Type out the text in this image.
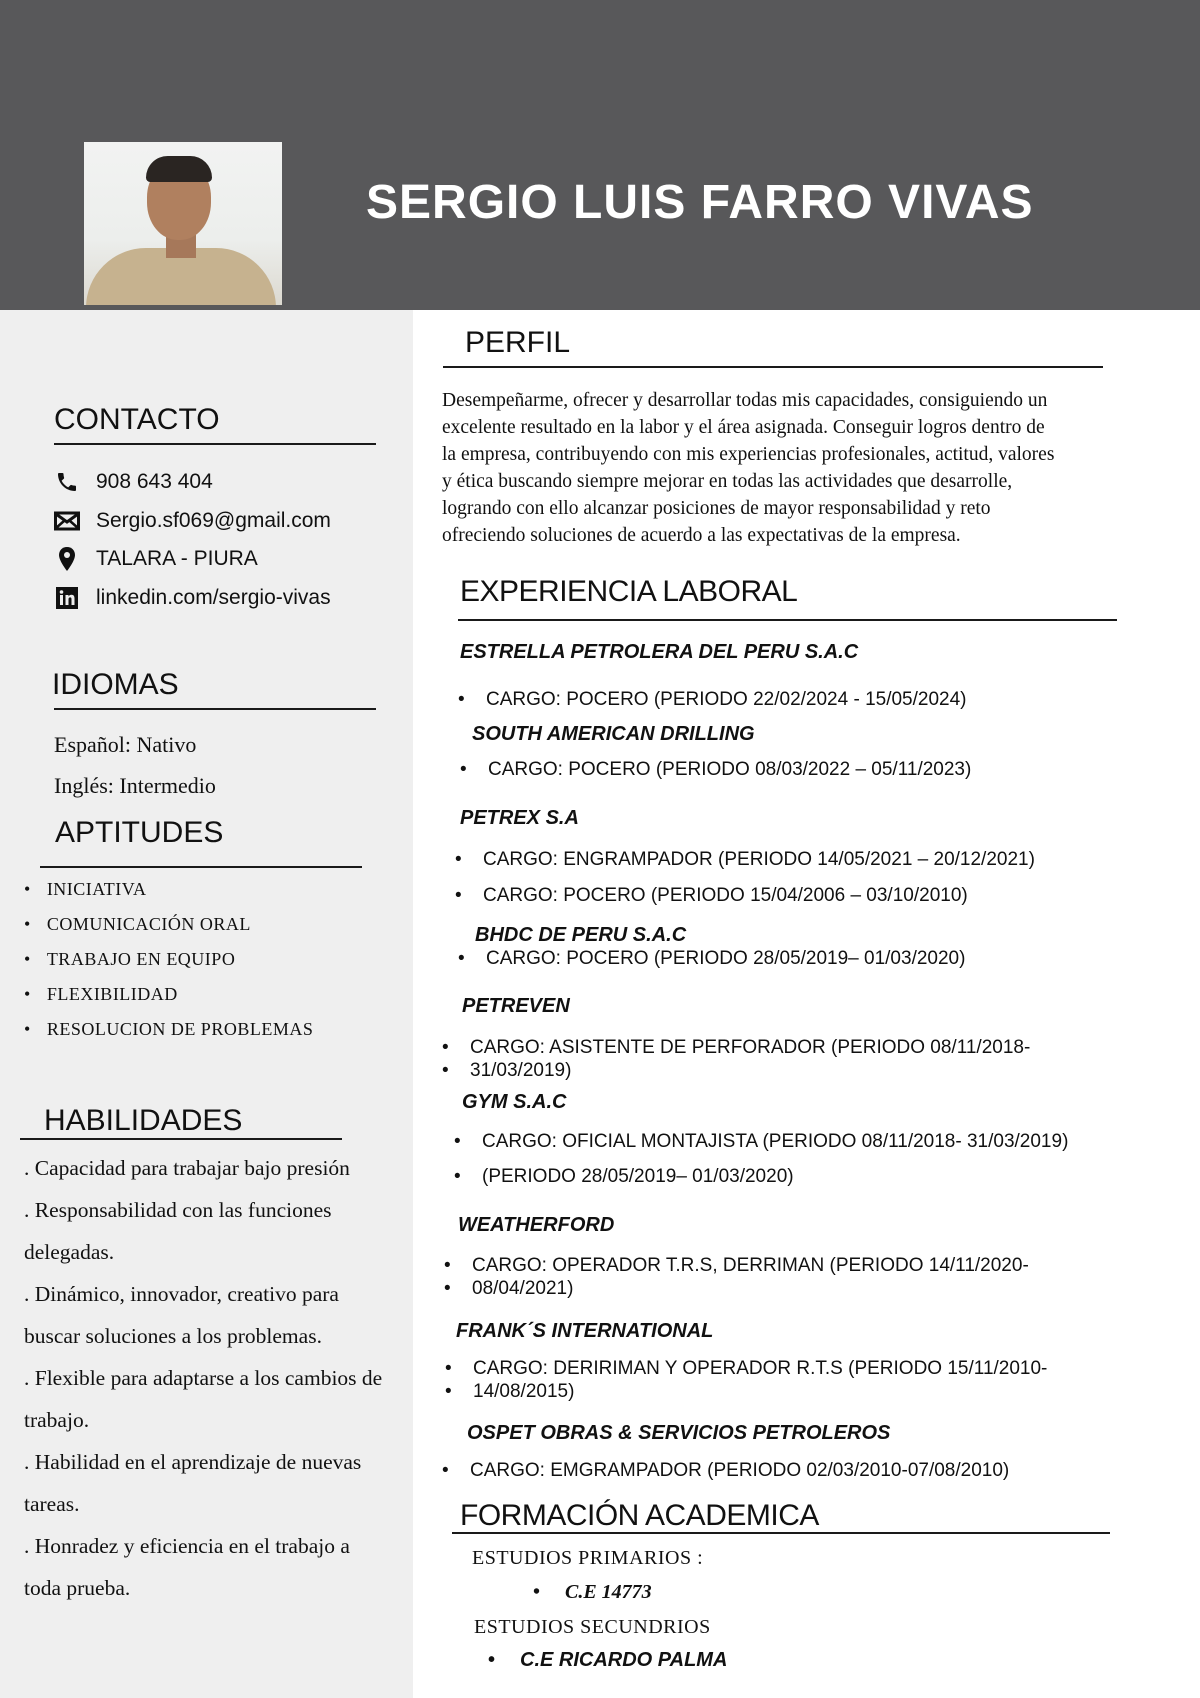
SERGIO LUIS FARRO VIVAS
CONTACTO
908 643 404
Sergio.sf069@gmail.com
TALARA - PIURA
linkedin.com/sergio-vivas
IDIOMAS
Español: Nativo
Inglés: Intermedio
APTITUDES
• INICIATIVA
• COMUNICACIÓN ORAL
• TRABAJO EN EQUIPO
• FLEXIBILIDAD
• RESOLUCION DE PROBLEMAS
HABILIDADES

. Capacidad para trabajar bajo presión

. Responsabilidad con las funciones delegadas.

. Dinámico, innovador, creativo para buscar soluciones a los problemas.

. Flexible para adaptarse a los cambios de trabajo.

. Habilidad en el aprendizaje de nuevas tareas.

. Honradez y eficiencia en el trabajo a toda prueba.

PERFIL
Desempeñarme, ofrecer y desarrollar todas mis capacidades, consiguiendo un
excelente resultado en la labor y el área asignada. Conseguir logros dentro de
la empresa, contribuyendo con mis experiencias profesionales, actitud, valores
y ética buscando siempre mejorar en todas las actividades que desarrolle,
logrando con ello alcanzar posiciones de mayor responsabilidad y reto
ofreciendo soluciones de acuerdo a las expectativas de la empresa.
EXPERIENCIA LABORAL
ESTRELLA PETROLERA DEL PERU S.A.C
• CARGO: POCERO (PERIODO 22/02/2024 - 15/05/2024)
SOUTH AMERICAN DRILLING
• CARGO: POCERO (PERIODO 08/03/2022 – 05/11/2023)
PETREX S.A
• CARGO: ENGRAMPADOR (PERIODO 14/05/2021 – 20/12/2021)
• CARGO: POCERO (PERIODO 15/04/2006 – 03/10/2010)
BHDC DE PERU S.A.C
• CARGO: POCERO (PERIODO 28/05/2019– 01/03/2020)
PETREVEN
• CARGO: ASISTENTE DE PERFORADOR (PERIODO 08/11/2018-
• 31/03/2019)
GYM S.A.C
• CARGO: OFICIAL MONTAJISTA (PERIODO 08/11/2018- 31/03/2019)
• (PERIODO 28/05/2019– 01/03/2020)
WEATHERFORD
• CARGO: OPERADOR T.R.S, DERRIMAN (PERIODO 14/11/2020-
• 08/04/2021)
FRANK´S INTERNATIONAL
• CARGO: DERIRIMAN Y OPERADOR R.T.S (PERIODO 15/11/2010-
• 14/08/2015)
OSPET OBRAS & SERVICIOS PETROLEROS
• CARGO: EMGRAMPADOR (PERIODO 02/03/2010-07/08/2010)
FORMACIÓN ACADEMICA
ESTUDIOS PRIMARIOS :
• C.E 14773
ESTUDIOS SECUNDRIOS
• C.E RICARDO PALMA
